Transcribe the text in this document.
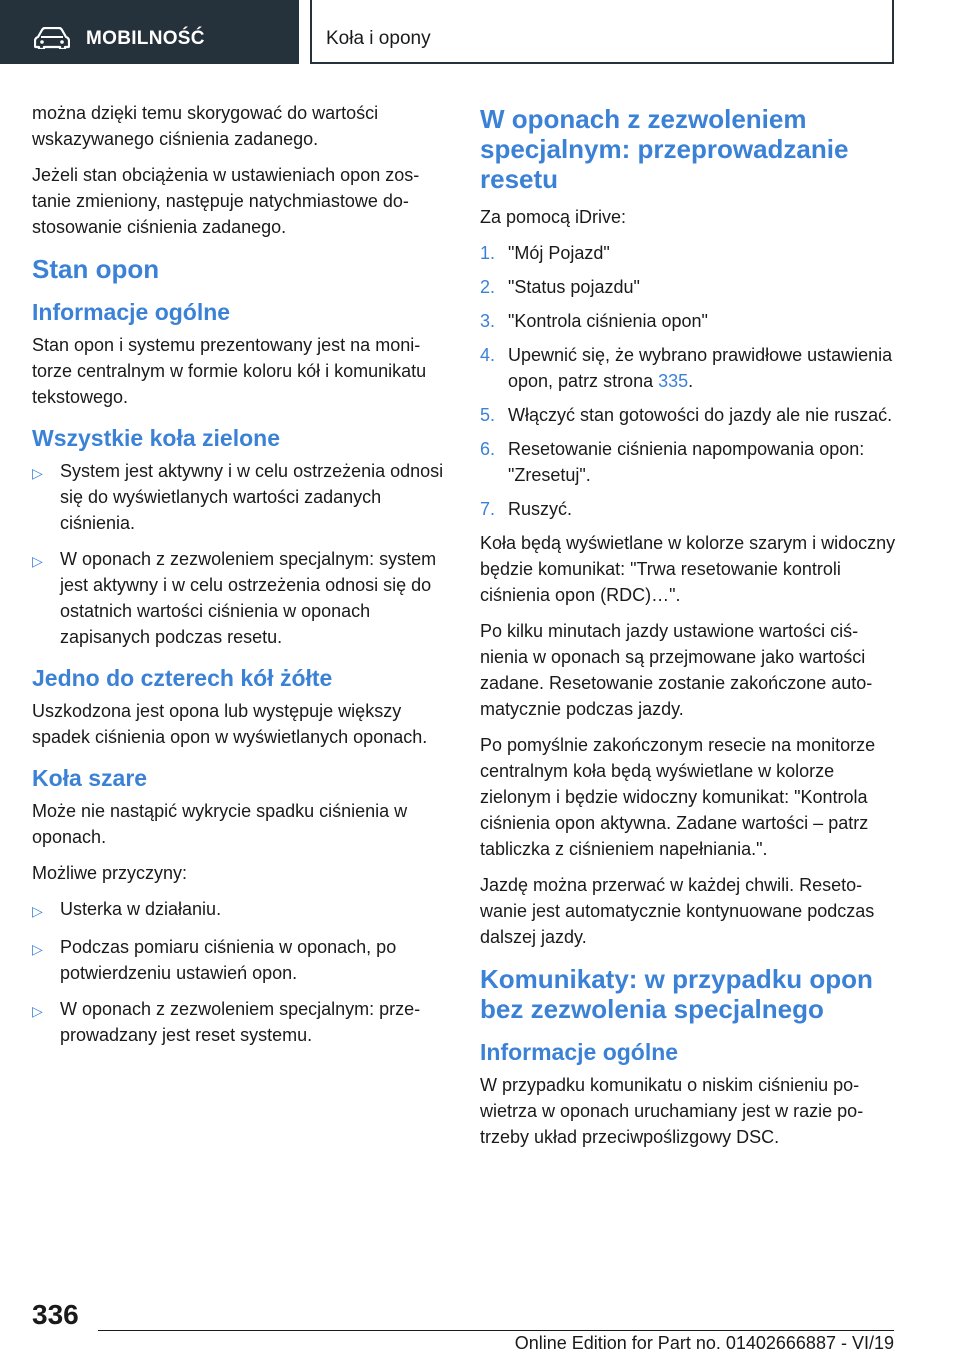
MOBILNOŚĆ	Koła i opony

można dzięki temu skorygować do wartości wskazywanego ciśnienia zadanego.

Jeżeli stan obciążenia w ustawieniach opon zostanie zmieniony, następuje natychmiastowe dostosowanie ciśnienia zadanego.

Stan opon
Informacje ogólne

Stan opon i systemu prezentowany jest na monitorze centralnym w formie koloru kół i komunikatu tekstowego.

Wszystkie koła zielone
▷ System jest aktywny i w celu ostrzeżenia odnosi się do wyświetlanych wartości zadanych ciśnienia.
▷ W oponach z zezwoleniem specjalnym: system jest aktywny i w celu ostrzeżenia odnosi się do ostatnich wartości ciśnienia w oponach zapisanych podczas resetu.
Jedno do czterech kół żółte

Uszkodzona jest opona lub występuje większy spadek ciśnienia opon w wyświetlanych oponach.

Koła szare

Może nie nastąpić wykrycie spadku ciśnienia w oponach.

Możliwe przyczyny:

▷ Usterka w działaniu.
▷ Podczas pomiaru ciśnienia w oponach, po potwierdzeniu ustawień opon.
▷ W oponach z zezwoleniem specjalnym: przeprowadzany jest reset systemu.
W oponach z zezwoleniem specjalnym: przeprowadzanie resetu

Za pomocą iDrive:

1. "Mój Pojazd"
2. "Status pojazdu"
3. "Kontrola ciśnienia opon"
4. Upewnić się, że wybrano prawidłowe ustawienia opon, patrz strona 335.
5. Włączyć stan gotowości do jazdy ale nie ruszać.
6. Resetowanie ciśnienia napompowania opon: "Zresetuj".
7. Ruszyć.

Koła będą wyświetlane w kolorze szarym i widoczny będzie komunikat: "Trwa resetowanie kontroli ciśnienia opon (RDC)…".

Po kilku minutach jazdy ustawione wartości ciśnienia w oponach są przejmowane jako wartości zadane. Resetowanie zostanie zakończone automatycznie podczas jazdy.

Po pomyślnie zakończonym resecie na monitorze centralnym koła będą wyświetlane w kolorze zielonym i będzie widoczny komunikat: "Kontrola ciśnienia opon aktywna. Zadane wartości – patrz tabliczka z ciśnieniem napełniania.".

Jazdę można przerwać w każdej chwili. Resetowanie jest automatycznie kontynuowane podczas dalszej jazdy.

Komunikaty: w przypadku opon bez zezwolenia specjalnego
Informacje ogólne

W przypadku komunikatu o niskim ciśnieniu powietrza w oponach uruchamiany jest w razie potrzeby układ przeciwpoślizgowy DSC.

336
Online Edition for Part no. 01402666887 - VI/19
